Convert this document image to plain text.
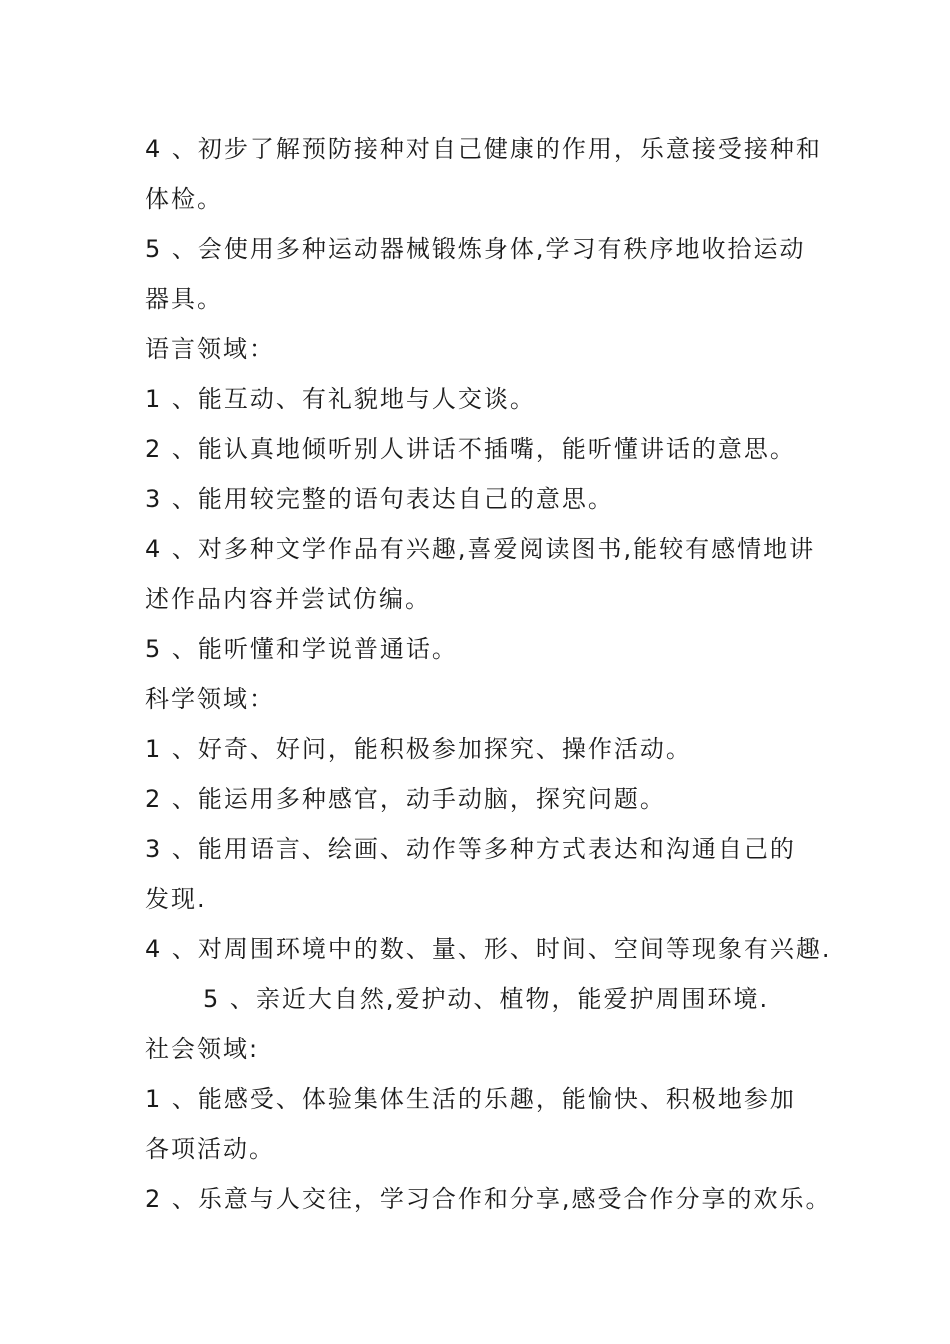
4 、初步了解预防接种对自己健康的作用，乐意接受接种和
体检。
5 、会使用多种运动器械锻炼身体,学习有秩序地收拾运动
器具。
语言领域：
1 、能互动、有礼貌地与人交谈。
2 、能认真地倾听别人讲话不插嘴，能听懂讲话的意思。
3 、能用较完整的语句表达自己的意思。
4 、对多种文学作品有兴趣,喜爱阅读图书,能较有感情地讲
述作品内容并尝试仿编。
5 、能听懂和学说普通话。
科学领域：
1 、好奇、好问，能积极参加探究、操作活动。
2 、能运用多种感官，动手动脑，探究问题。
3 、能用语言、绘画、动作等多种方式表达和沟通自己的
发现.
4 、对周围环境中的数、量、形、时间、空间等现象有兴趣.
5 、亲近大自然,爱护动、植物，能爱护周围环境.
社会领域:
1 、能感受、体验集体生活的乐趣，能愉快、积极地参加
各项活动。
2 、乐意与人交往，学习合作和分享,感受合作分享的欢乐。
